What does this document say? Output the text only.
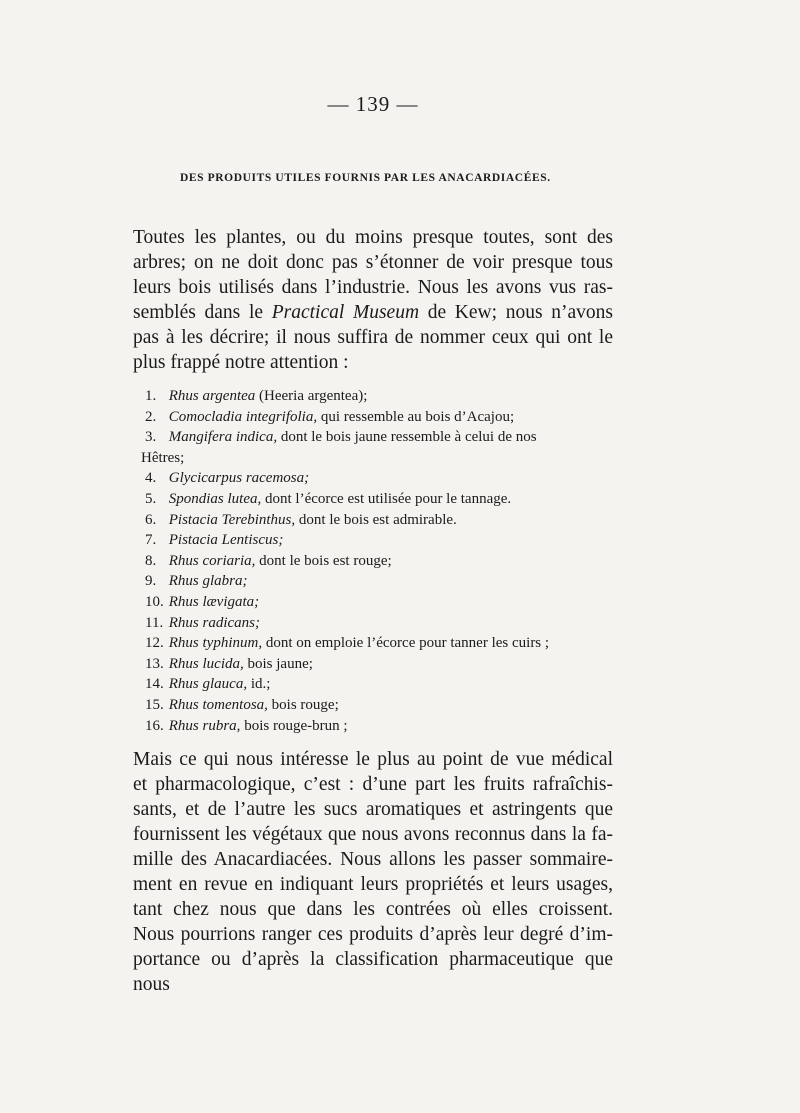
— 139 —
DES PRODUITS UTILES FOURNIS PAR LES ANACARDIACÉES.
Toutes les plantes, ou du moins presque toutes, sont des
arbres; on ne doit donc pas s’étonner de voir presque tous
leurs bois utilisés dans l’industrie. Nous les avons vus ras-
semblés dans le Practical Museum de Kew; nous n’avons
pas à les décrire; il nous suffira de nommer ceux qui ont le
plus frappé notre attention :
1. Rhus argentea (Heeria argentea);
2. Comocladia integrifolia, qui ressemble au bois d’Acajou;
3. Mangifera indica, dont le bois jaune ressemble à celui de nos
Hêtres;
4. Glycicarpus racemosa;
5. Spondias lutea, dont l’écorce est utilisée pour le tannage.
6. Pistacia Terebinthus, dont le bois est admirable.
7. Pistacia Lentiscus;
8. Rhus coriaria, dont le bois est rouge;
9. Rhus glabra;
10. Rhus lævigata;
11. Rhus radicans;
12. Rhus typhinum, dont on emploie l’écorce pour tanner les cuirs ;
13. Rhus lucida, bois jaune;
14. Rhus glauca, id.;
15. Rhus tomentosa, bois rouge;
16. Rhus rubra, bois rouge-brun ;
Mais ce qui nous intéresse le plus au point de vue médical
et pharmacologique, c’est : d’une part les fruits rafraîchis-
sants, et de l’autre les sucs aromatiques et astringents que
fournissent les végétaux que nous avons reconnus dans la fa-
mille des Anacardiacées. Nous allons les passer sommaire-
ment en revue en indiquant leurs propriétés et leurs usages,
tant chez nous que dans les contrées où elles croissent.
Nous pourrions ranger ces produits d’après leur degré d’im-
portance ou d’après la classification pharmaceutique que nous
